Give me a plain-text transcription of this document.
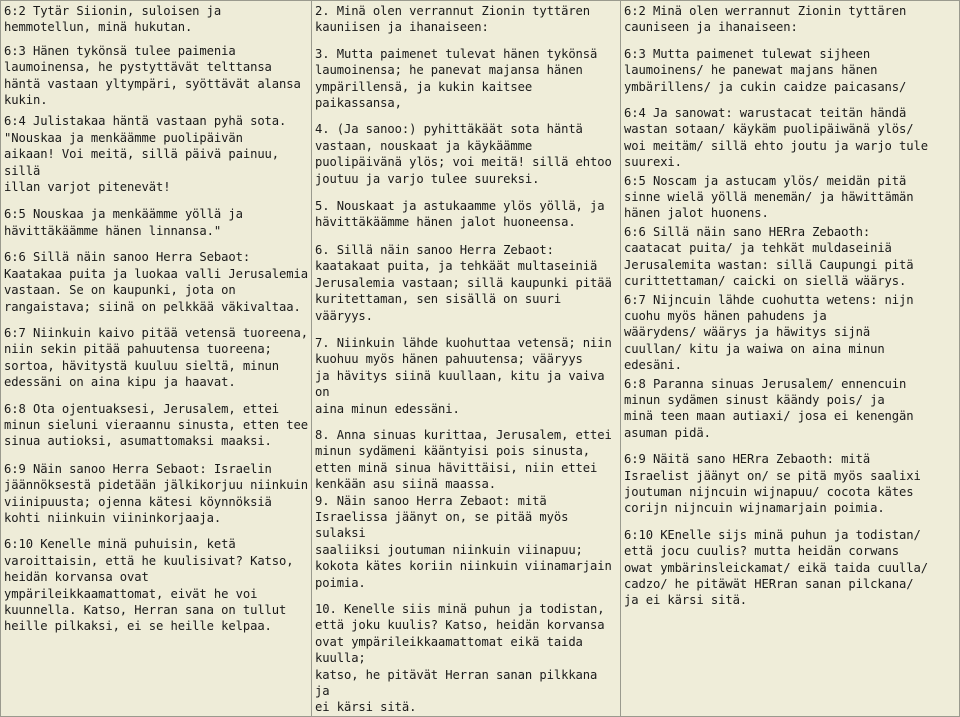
6:2 Tytär Siionin, suloisen ja
hemmotellun, minä hukutan.

6:3 Hänen tykönsä tulee paimenia
laumoinensa, he pystyttävät telttansa
häntä vastaan yltympäri, syöttävät alansa
kukin.

6:4 Julistakaa häntä vastaan pyhä sota.
"Nouskaa ja menkäämme puolipäivän
aikaan! Voi meitä, sillä päivä painuu, sillä
illan varjot pitenevät!

6:5 Nouskaa ja menkäämme yöllä ja
hävittäkäämme hänen linnansa."

6:6 Sillä näin sanoo Herra Sebaot:
Kaatakaa puita ja luokaa valli Jerusalemia
vastaan. Se on kaupunki, jota on
rangaistava; siinä on pelkkää väkivaltaa.

6:7 Niinkuin kaivo pitää vetensä tuoreena,
niin sekin pitää pahuutensa tuoreena;
sortoa, hävitystä kuuluu sieltä, minun
edessäni on aina kipu ja haavat.

6:8 Ota ojentuaksesi, Jerusalem, ettei
minun sieluni vieraannu sinusta, etten tee
sinua autioksi, asumattomaksi maaksi.

6:9 Näin sanoo Herra Sebaot: Israelin
jäännöksestä pidetään jälkikorjuu niinkuin
viinipuusta; ojenna kätesi köynnöksiä
kohti niinkuin viininkorjaaja.

6:10 Kenelle minä puhuisin, ketä
varoittaisin, että he kuulisivat? Katso,
heidän korvansa ovat
ympärileikkaamattomat, eivät he voi
kuunnella. Katso, Herran sana on tullut
heille pilkaksi, ei se heille kelpaa.

2. Minä olen verrannut Zionin tyttären
kauniisen ja ihanaiseen:

3. Mutta paimenet tulevat hänen tykönsä
laumoinensa; he panevat majansa hänen
ympärillensä, ja kukin kaitsee paikassansa,

4. (Ja sanoo:) pyhittäkäät sota häntä
vastaan, nouskaat ja käykäämme
puolipäivänä ylös; voi meitä! sillä ehtoo
joutuu ja varjo tulee suureksi.

5. Nouskaat ja astukaamme ylös yöllä, ja
hävittäkäämme hänen jalot huoneensa.

6. Sillä näin sanoo Herra Zebaot:
kaatakaat puita, ja tehkäät multaseiniä
Jerusalemia vastaan; sillä kaupunki pitää
kuritettaman, sen sisällä on suuri vääryys.

7. Niinkuin lähde kuohuttaa vetensä; niin
kuohuu myös hänen pahuutensa; vääryys
ja hävitys siinä kuullaan, kitu ja vaiva on
aina minun edessäni.

8. Anna sinuas kurittaa, Jerusalem, ettei
minun sydämeni kääntyisi pois sinusta,
etten minä sinua hävittäisi, niin ettei
kenkään asu siinä maassa.

9. Näin sanoo Herra Zebaot: mitä
Israelissa jäänyt on, se pitää myös sulaksi
saaliiksi joutuman niinkuin viinapuu;
kokota kätes koriin niinkuin viinamarjain
poimia.

10. Kenelle siis minä puhun ja todistan,
että joku kuulis? Katso, heidän korvansa
ovat ympärileikkaamattomat eikä taida kuulla;
katso, he pitävät Herran sanan pilkkana ja
ei kärsi sitä.

6:2 Minä olen werrannut Zionin tyttären
cauniseen ja ihanaiseen:

6:3 Mutta paimenet tulewat sijheen
laumoinens/ he panewat majans hänen
ymbärillens/ ja cukin caidze paicasans/

6:4 Ja sanowat: warustacat teitän händä
wastan sotaan/ käykäm puolipäiwänä ylös/
woi meitäm/ sillä ehto joutu ja warjo tule
suurexi.

6:5 Noscam ja astucam ylös/ meidän pitä
sinne wielä yöllä menemän/ ja häwittämän
hänen jalot huonens.

6:6 Sillä näin sano HERra Zebaoth:
caatacat puita/ ja tehkät muldaseiniä
Jerusalemita wastan: sillä Caupungi pitä
curittettaman/ caicki on siellä wäärys.

6:7 Nijncuin lähde cuohutta wetens: nijn
cuohu myös hänen pahudens ja
wäärydens/ wäärys ja häwitys sijnä
cuullan/ kitu ja waiwa on aina minun
edesäni.

6:8 Paranna sinuas Jerusalem/ ennencuin
minun sydämen sinust käändy pois/ ja
minä teen maan autiaxi/ josa ei kenengän
asuman pidä.

6:9 Näitä sano HERra Zebaoth: mitä
Israelist jäänyt on/ se pitä myös saalixi
joutuman nijncuin wijnapuu/ cocota kätes
corijn nijncuin wijnamarjain poimia.

6:10 KEnelle sijs minä puhun ja todistan/
että jocu cuulis? mutta heidän corwans
owat ymbärinsleickamat/ eikä taida cuulla/
cadzo/ he pitäwät HERran sanan pilckana/
ja ei kärsi sitä.
